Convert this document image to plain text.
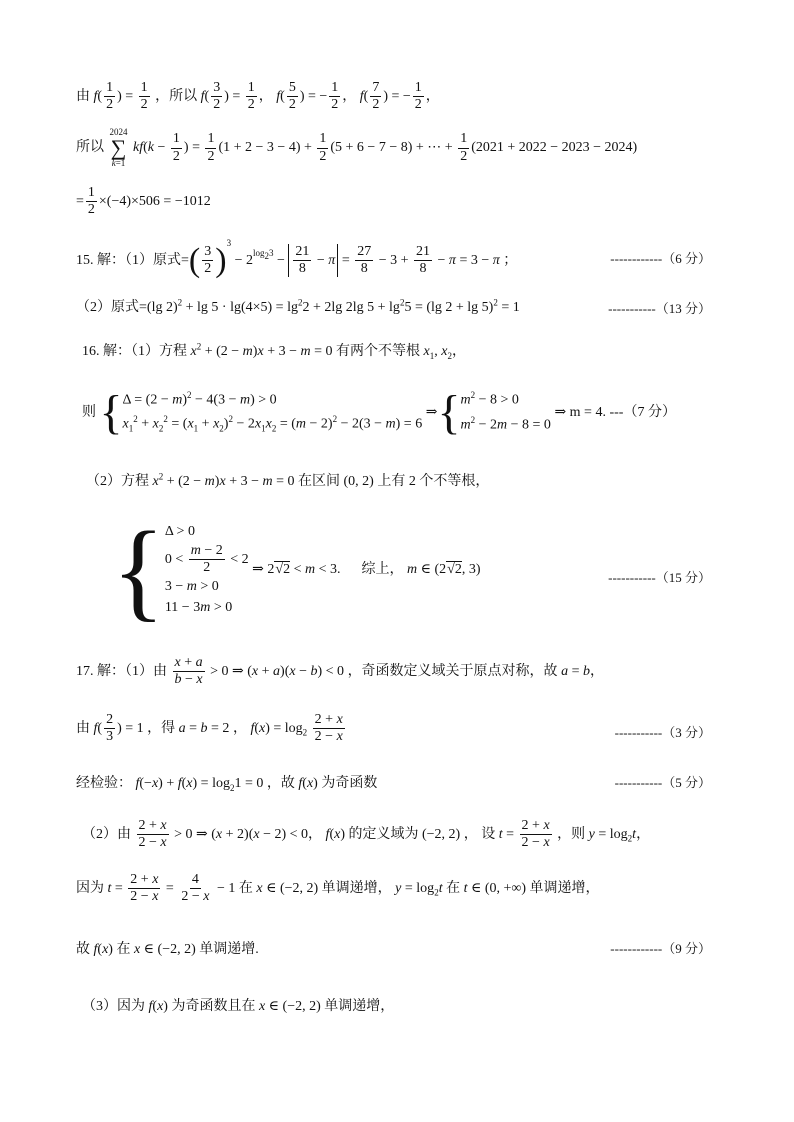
由 $f( \frac{1}{2}$ ) = $\frac{1}{2}$ ，所以 $f( \frac{3}{2}$ ) = $\frac{1}{2}$ ， $f( \frac{5}{2}$ ) = − $\frac{1}{2}$ ， $f( \frac{7}{2}$ ) = − $\frac{1}{2}$ ，
所以
2024
∑
k=1
$kf(k - \frac{1}{2}$ ) = $\frac{1}{2} (1 + 2 - 3 - 4) + \frac{1}{2} (5 + 6 - 7 - 8)$ + ⋯ + $\frac{1}{2} (2021 + 2022 - 2023 - 2024)$
= $\frac{1}{2} \times(-4)\times 506 = -1012$
15. 解：（1）原式=( $\frac{3}{2} )^3 - 2^{log_23} - \frac{21}{8} - \pi = \frac{27}{8} - 3 + \frac{21}{8} - \pi = 3 - \pi$ ；	------------（6 分）
（2）原式=(lg $2)^2 + \lg 5 \cdot \lg(4\times 5) = \lg^22 + 2\lg$ 2lg $5 + \lg^25 = (\lg$ 2 + lg 5)$^2$ = 1	-----------（13 分）
16. 解：（1）方程 $x^2 + (2 - m)x + 3 - m = 0$ 有两个不等根 $x_1$, $x_2$，
则 { $\Delta = (2 - m)^2 - 4(3 - m) > 0$
$x_1^2 + x_2^2 = (x_1 + x_2)^2 - 2x_1x_2 = (m - 2)^2 - 2(3 - m) = 6$
⇒{ $m^2 - 8 > 0$
$m^2 - 2m - 8 = 0$
⇒ m = 4. ---（7 分）
（2）方程 $x^2 + (2 - m)x + 3 - m = 0$ 在区间 (0, 2) 上有 2 个不等根，
{ Δ > 0
$0 < \frac{m - 2}{2} < 2$
3 − m > 0
11 − 3m > 0
⇒ 2√2 < m < 3.      综上， m ∈ (2√2, 3)
-----------（15 分）
17. 解：（1）由 $\frac{x + a}{b - x} > 0$ ⇒ (x + a)(x − b) < 0 ，奇函数定义域关于原点对称，故 a = b，
由 $f( \frac{2}{3}$ ) = 1 ，得 a = b = 2 ， $f(x) = \log_2 \frac{2 + x}{2 - x}$	-----------（3 分）
经检验： $f(-x) + f(x) = \log_21 = 0$ ，故 f(x) 为奇函数	-----------（5 分）
（2）由 $\frac{2 + x}{2 - x} > 0$ ⇒ (x + 2)(x − 2) < 0， f(x) 的定义域为 (−2, 2) ， 设 $t = \frac{2 + x}{2 - x}$ ，则 $y = \log_2t$，
因为 $t = \frac{2 + x}{2 - x} = \frac{4}{2 - x} - 1$ 在 x ∈ (−2, 2) 单调递增， $y = \log_2t$ 在 t ∈ (0, +∞) 单调递增，
故 f(x) 在 x ∈ (−2, 2) 单调递增.	------------（9 分）
（3）因为 f(x) 为奇函数且在 x ∈ (−2, 2) 单调递增，
